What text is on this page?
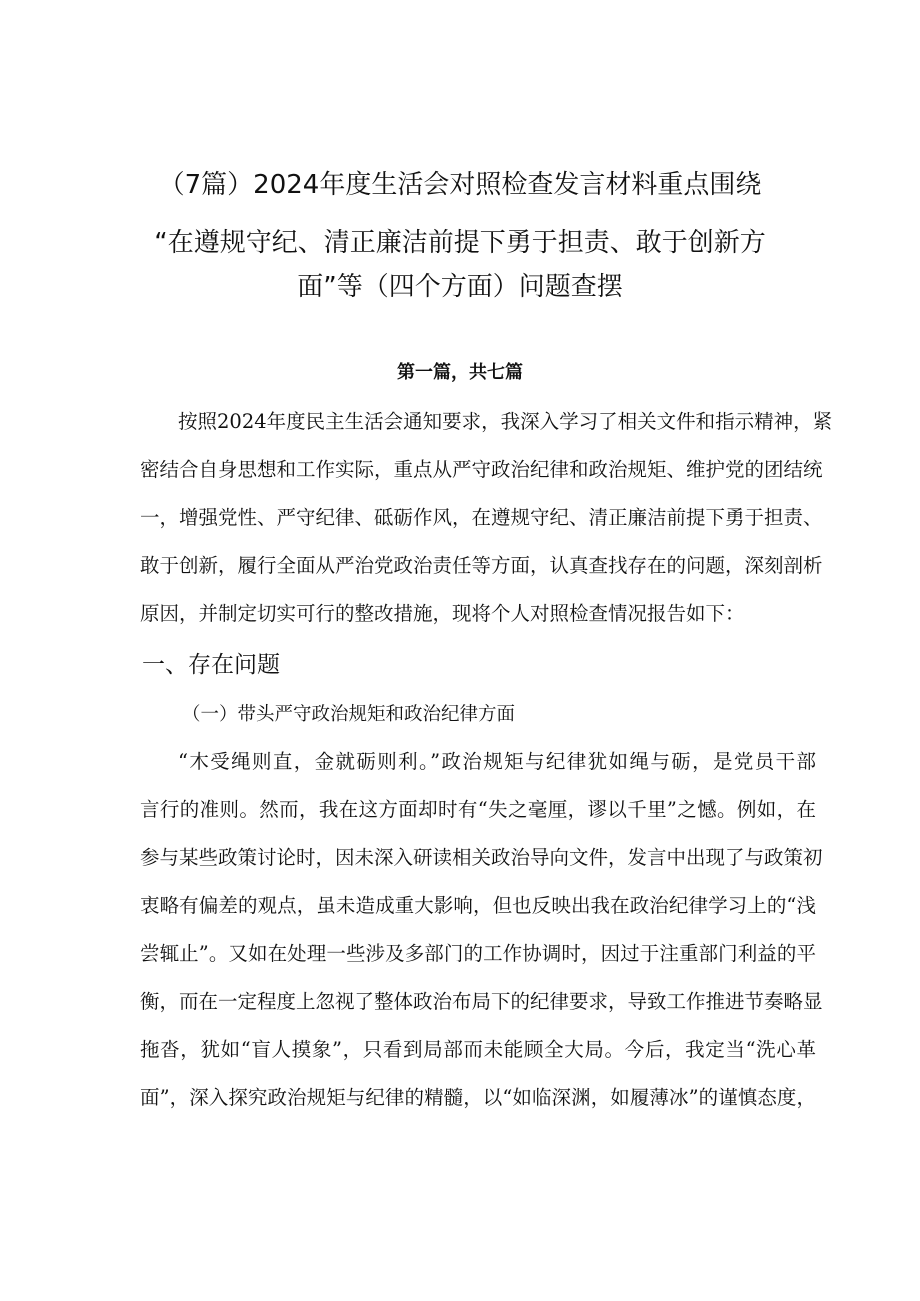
（7篇）2024年度生活会对照检查发言材料重点围绕
“在遵规守纪、清正廉洁前提下勇于担责、敢于创新方
面”等（四个方面）问题查摆
第一篇，共七篇
按照2024年度民主生活会通知要求，我深入学习了相关文件和指示精神，紧
密结合自身思想和工作实际，重点从严守政治纪律和政治规矩、维护党的团结统
一，增强党性、严守纪律、砥砺作风，在遵规守纪、清正廉洁前提下勇于担责、
敢于创新，履行全面从严治党政治责任等方面，认真查找存在的问题，深刻剖析
原因，并制定切实可行的整改措施，现将个人对照检查情况报告如下：
一、存在问题
（一）带头严守政治规矩和政治纪律方面
“木受绳则直，金就砺则利。”政治规矩与纪律犹如绳与砺，是党员干部
言行的准则。然而，我在这方面却时有“失之毫厘，谬以千里”之憾。例如，在
参与某些政策讨论时，因未深入研读相关政治导向文件，发言中出现了与政策初
衷略有偏差的观点，虽未造成重大影响，但也反映出我在政治纪律学习上的“浅
尝辄止”。又如在处理一些涉及多部门的工作协调时，因过于注重部门利益的平
衡，而在一定程度上忽视了整体政治布局下的纪律要求，导致工作推进节奏略显
拖沓，犹如“盲人摸象”，只看到局部而未能顾全大局。今后，我定当“洗心革
面”，深入探究政治规矩与纪律的精髓，以“如临深渊，如履薄冰”的谨慎态度，
